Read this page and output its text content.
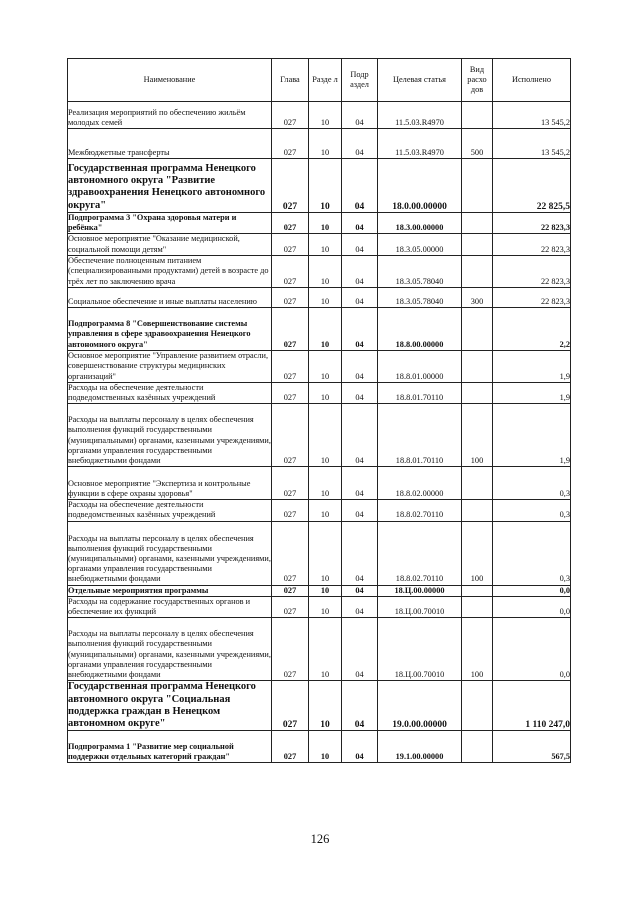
Наименование	Глава	Разде л	Подр аздел	Целевая статья	Вид расхо дов	Исполнено
Реализация мероприятий по обеспечению жильём молодых семей	027	10	04	11.5.03.R4970		13 545,2
Межбюджетные трансферты	027	10	04	11.5.03.R4970	500	13 545,2
Государственная программа Ненецкого автономного округа "Развитие здравоохранения Ненецкого автономного округа"	027	10	04	18.0.00.00000		22 825,5
Подпрограмма 3 "Охрана здоровья матери и ребёнка"	027	10	04	18.3.00.00000		22 823,3
Основное мероприятие "Оказание медицинской, социальной помощи детям"	027	10	04	18.3.05.00000		22 823,3
Обеспечение полноценным питанием (специализированными продуктами) детей в возрасте до трёх лет по заключению врача	027	10	04	18.3.05.78040		22 823,3
Социальное обеспечение и иные выплаты населению	027	10	04	18.3.05.78040	300	22 823,3
Подпрограмма 8 "Совершенствование системы управления в сфере здравоохранения Ненецкого автономного округа"	027	10	04	18.8.00.00000		2,2
Основное мероприятие "Управление развитием отрасли, совершенствование структуры медицинских организаций"	027	10	04	18.8.01.00000		1,9
Расходы на обеспечение деятельности подведомственных казённых учреждений	027	10	04	18.8.01.70110		1,9
Расходы на выплаты персоналу в целях обеспечения выполнения функций государственными (муниципальными) органами, казенными учреждениями, органами управления государственными внебюджетными фондами	027	10	04	18.8.01.70110	100	1,9
Основное мероприятие "Экспертиза и контрольные функции в сфере охраны здоровья"	027	10	04	18.8.02.00000		0,3
Расходы на обеспечение деятельности подведомственных казённых учреждений	027	10	04	18.8.02.70110		0,3
Расходы на выплаты персоналу в целях обеспечения выполнения функций государственными (муниципальными) органами, казенными учреждениями, органами управления государственными внебюджетными фондами	027	10	04	18.8.02.70110	100	0,3
Отдельные мероприятия программы	027	10	04	18.Ц.00.00000		0,0
Расходы на содержание государственных органов и обеспечение их функций	027	10	04	18.Ц.00.70010		0,0
Расходы на выплаты персоналу в целях обеспечения выполнения функций государственными (муниципальными) органами, казенными учреждениями, органами управления государственными внебюджетными фондами	027	10	04	18.Ц.00.70010	100	0,0
Государственная программа Ненецкого автономного округа "Социальная поддержка граждан в Ненецком автономном округе"	027	10	04	19.0.00.00000		1 110 247,0
Подпрограмма 1 "Развитие мер социальной поддержки отдельных категорий граждан"	027	10	04	19.1.00.00000		567,5
126
